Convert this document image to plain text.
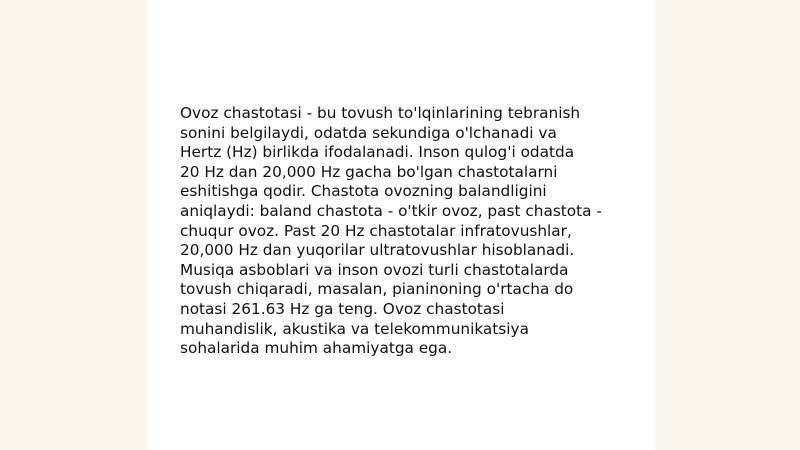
Ovoz chastotasi - bu tovush to'lqinlarining tebranish
sonini belgilaydi, odatda sekundiga o'lchanadi va
Hertz (Hz) birlikda ifodalanadi. Inson qulog'i odatda
20 Hz dan 20,000 Hz gacha bo'lgan chastotalarni
eshitishga qodir. Chastota ovozning balandligini
aniqlaydi: baland chastota - o'tkir ovoz, past chastota -
chuqur ovoz. Past 20 Hz chastotalar infratovushlar,
20,000 Hz dan yuqorilar ultratovushlar hisoblanadi.
Musiqa asboblari va inson ovozi turli chastotalarda
tovush chiqaradi, masalan, pianinoning o'rtacha do
notasi 261.63 Hz ga teng. Ovoz chastotasi
muhandislik, akustika va telekommunikatsiya
sohalarida muhim ahamiyatga ega.
